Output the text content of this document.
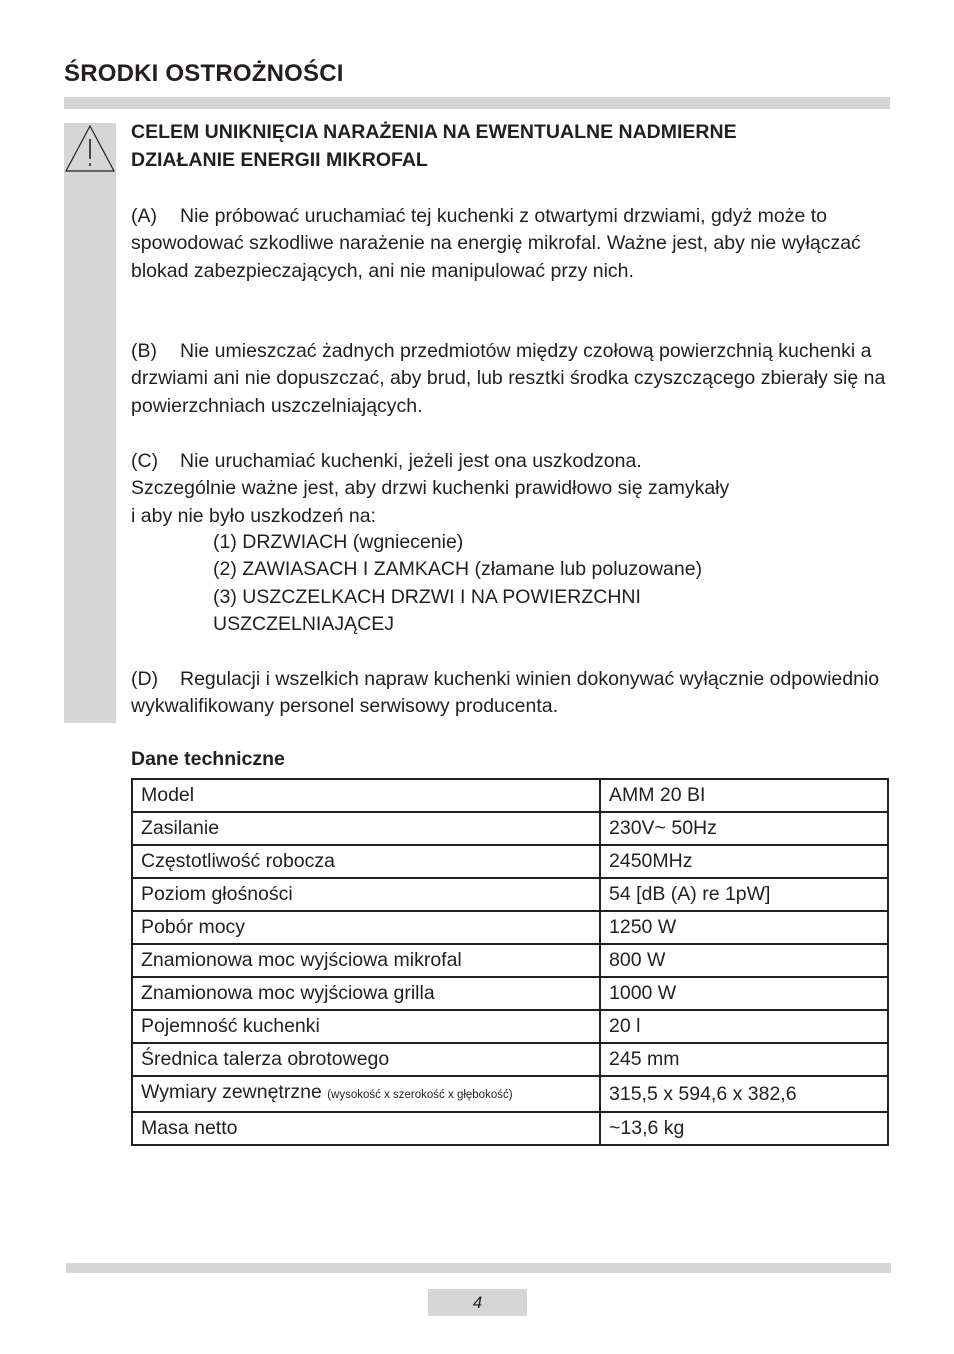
ŚRODKI OSTROŻNOŚCI
CELEM UNIKNIĘCIA NARAŻENIA NA EWENTUALNE NADMIERNE
DZIAŁANIE ENERGII MIKROFAL

(A) Nie próbować uruchamiać tej kuchenki z otwartymi drzwiami, gdyż może to spowodować szkodliwe narażenie na energię mikrofal. Ważne jest, aby nie wyłączać blokad zabezpieczających, ani nie manipulować przy nich.

(B) Nie umieszczać żadnych przedmiotów między czołową powierzchnią kuchenki a drzwiami ani nie dopuszczać, aby brud, lub resztki środka czyszczącego zbierały się na powierzchniach uszczelniających.

(C) Nie uruchamiać kuchenki, jeżeli jest ona uszkodzona.
Szczególnie ważne jest, aby drzwi kuchenki prawidłowo się zamykały
i aby nie było uszkodzeń na:
(1) DRZWIACH (wgniecenie)
(2) ZAWIASACH I ZAMKACH (złamane lub poluzowane)
(3) USZCZELKACH DRZWI I NA POWIERZCHNI
USZCZELNIAJĄCEJ

(D) Regulacji i wszelkich napraw kuchenki winien dokonywać wyłącznie odpowiednio wykwalifikowany personel serwisowy producenta.

Dane techniczne
Model	AMM 20 BI
Zasilanie	230V~ 50Hz
Częstotliwość robocza	2450MHz
Poziom głośności	54 [dB (A) re 1pW]
Pobór mocy	1250 W
Znamionowa moc wyjściowa mikrofal	800 W
Znamionowa moc wyjściowa grilla	1000 W
Pojemność kuchenki	20 l
Średnica talerza obrotowego	245 mm
Wymiary zewnętrzne (wysokość x szerokość x głębokość)	315,5 x 594,6 x 382,6
Masa netto	~13,6 kg
4
